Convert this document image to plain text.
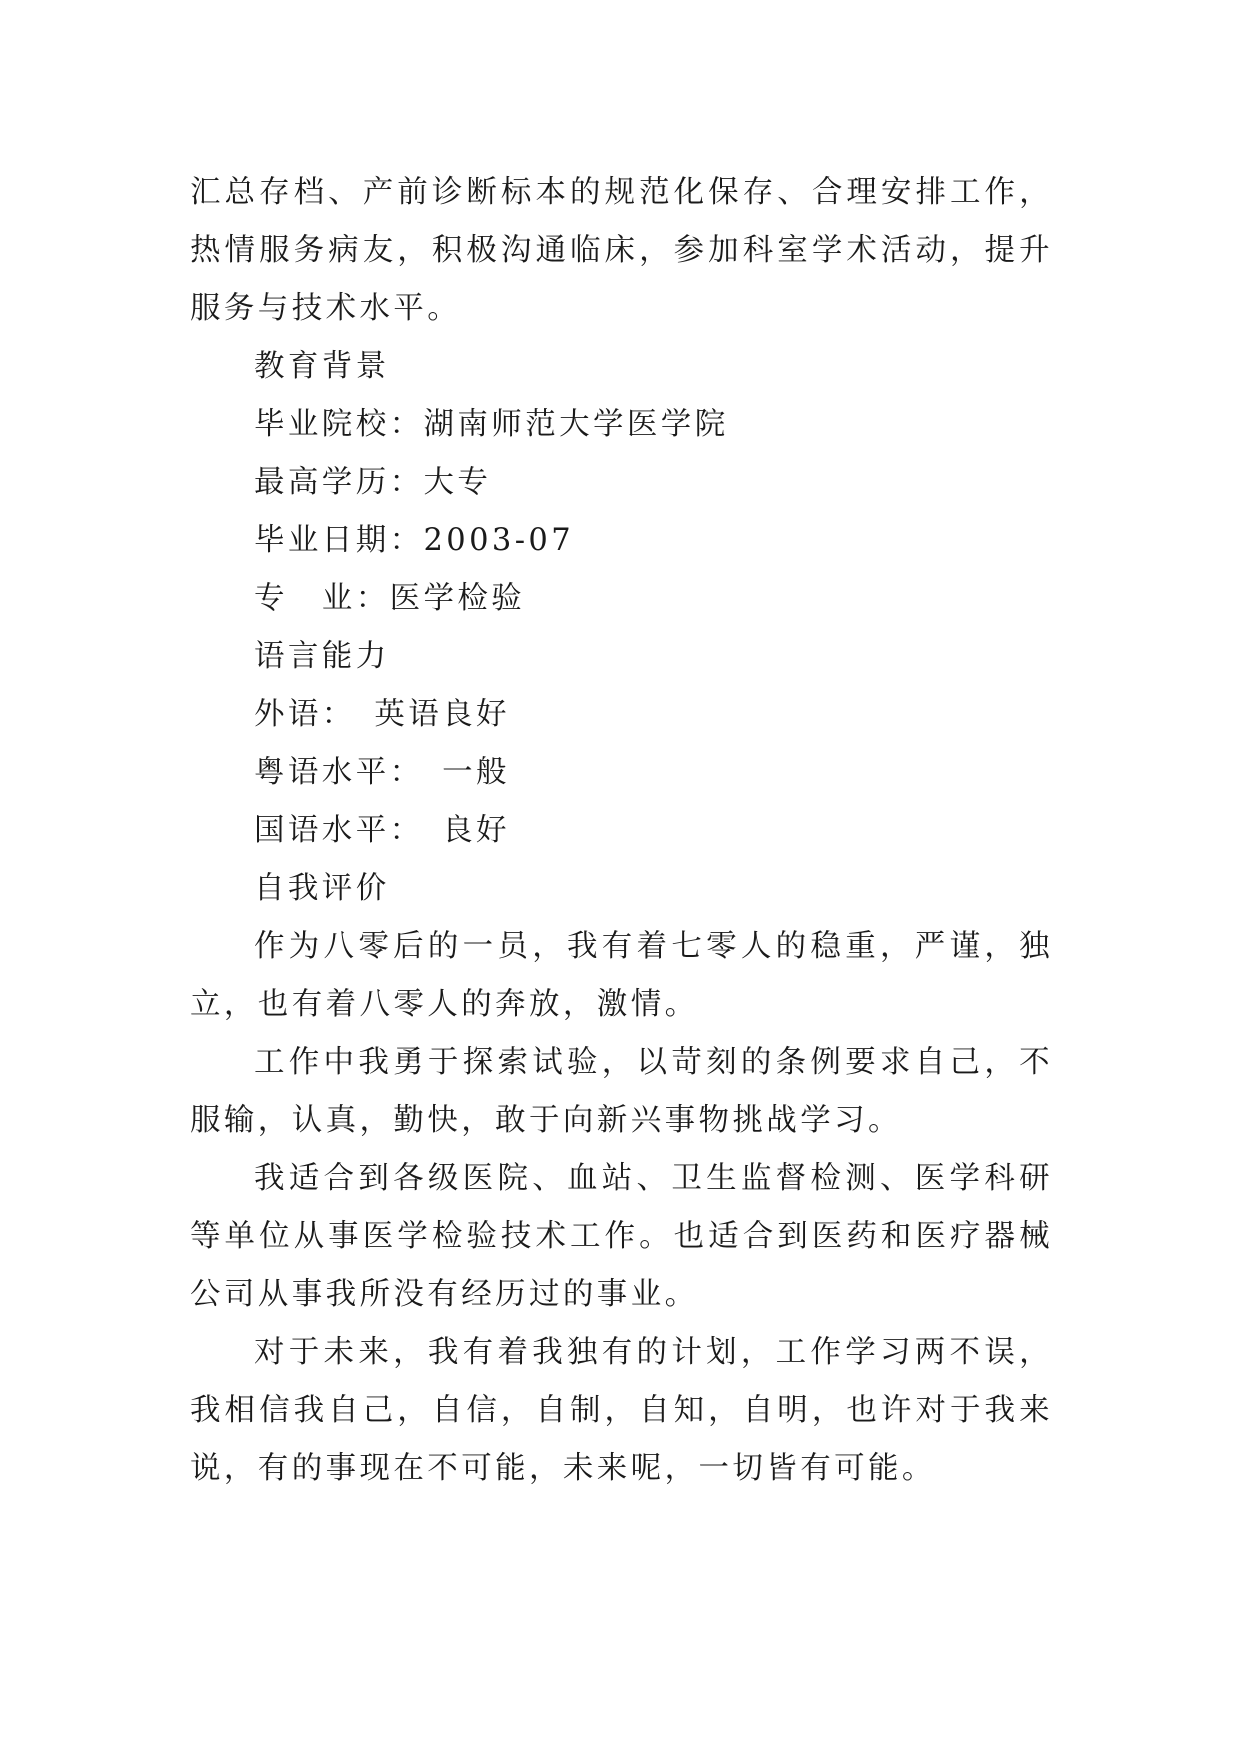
汇总存档、产前诊断标本的规范化保存、合理安排工作，热情服务病友，积极沟通临床，参加科室学术活动，提升服务与技术水平。

教育背景

毕业院校：湖南师范大学医学院

最高学历：大专

毕业日期：2003-07

专　业：医学检验

语言能力

外语：　英语良好

粤语水平：　一般

国语水平：　良好

自我评价

作为八零后的一员，我有着七零人的稳重，严谨，独立，也有着八零人的奔放，激情。

工作中我勇于探索试验，以苛刻的条例要求自己，不服输，认真，勤快，敢于向新兴事物挑战学习。

我适合到各级医院、血站、卫生监督检测、医学科研等单位从事医学检验技术工作。也适合到医药和医疗器械公司从事我所没有经历过的事业。

对于未来，我有着我独有的计划，工作学习两不误，我相信我自己，自信，自制，自知，自明，也许对于我来说，有的事现在不可能，未来呢，一切皆有可能。
